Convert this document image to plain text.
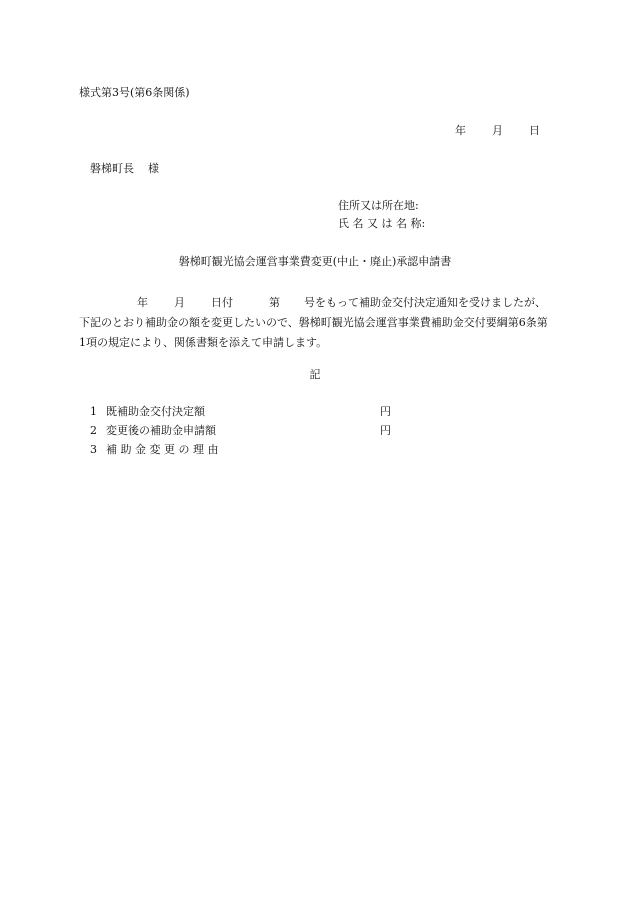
様式第3号(第6条関係)
年 月 日
磐梯町長 様
住所又は所在地:
氏 名 又 は 名 称:
磐梯町観光協会運営事業費変更(中止・廃止)承認申請書
年 月 日付	第 号をもって補助金交付決定通知を受けましたが、下記のとおり補助金の額を変更したいので、磐梯町観光協会運営事業費補助金交付要綱第6条第1項の規定により、関係書類を添えて申請します。
記
1 既補助金交付決定額	円
2 変更後の補助金申請額	円
3 補 助 金 変 更 の 理 由
